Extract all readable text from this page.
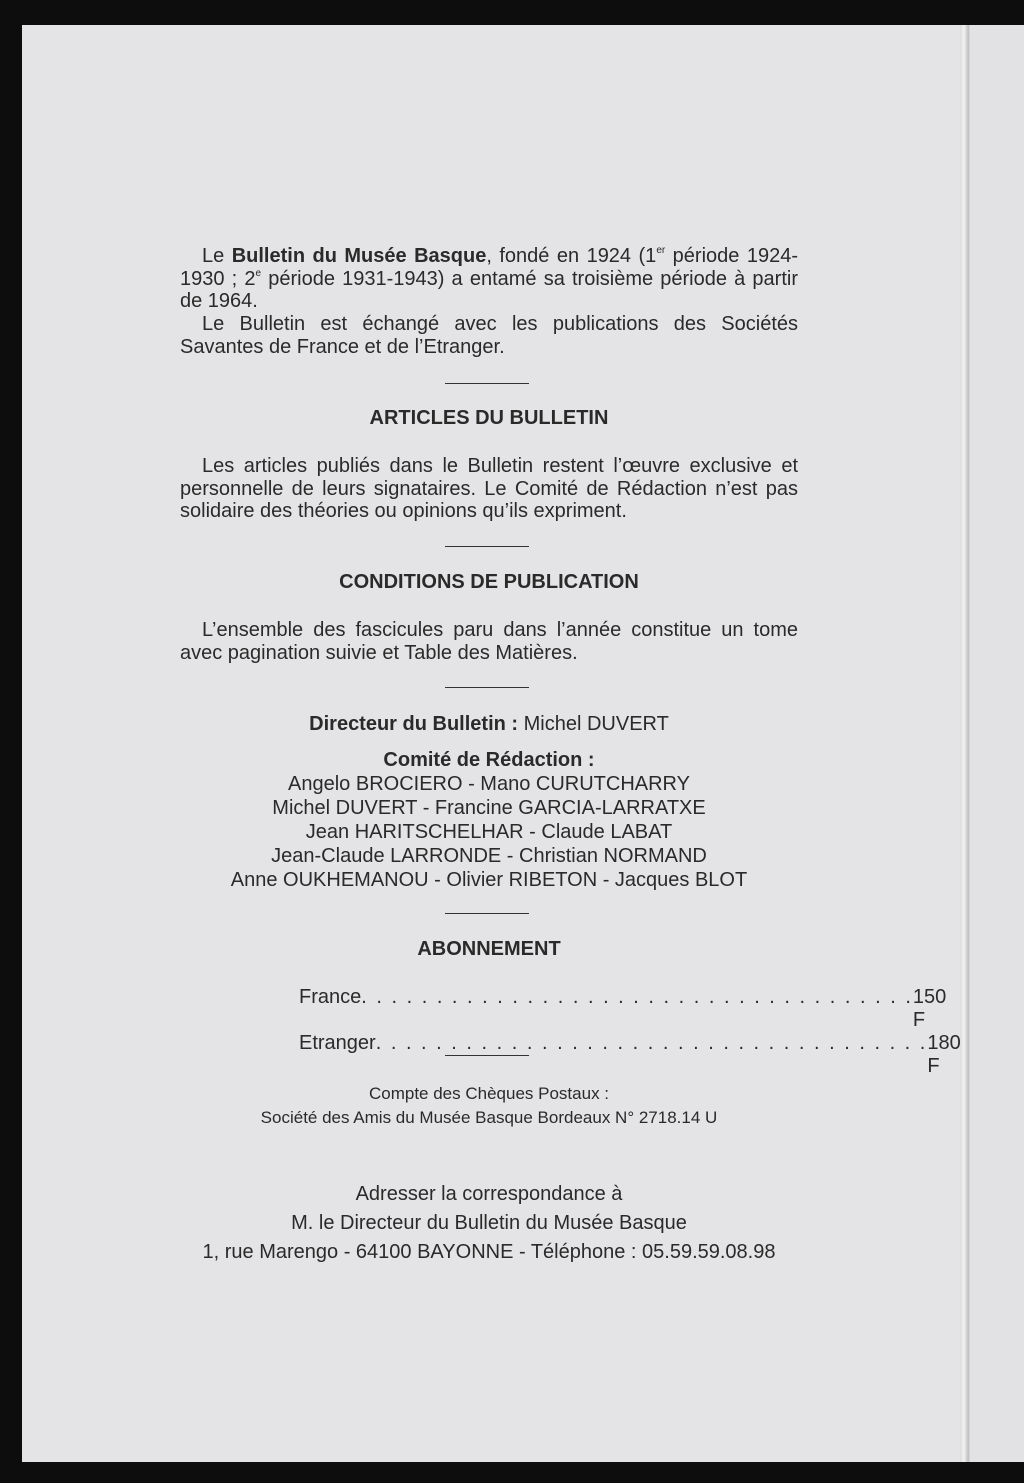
Le Bulletin du Musée Basque, fondé en 1924 (1er période 1924-1930 ; 2e période 1931-1943) a entamé sa troisième période à partir de 1964.
Le Bulletin est échangé avec les publications des Sociétés Savantes de France et de l’Etranger.
ARTICLES DU BULLETIN
Les articles publiés dans le Bulletin restent l’œuvre exclusive et personnelle de leurs signataires. Le Comité de Rédaction n’est pas solidaire des théories ou opinions qu’ils expriment.
CONDITIONS DE PUBLICATION
L’ensemble des fascicules paru dans l’année constitue un tome avec pagination suivie et Table des Matières.
Directeur du Bulletin : Michel DUVERT
Comité de Rédaction :
Angelo BROCIERO - Mano CURUTCHARRY
Michel DUVERT - Francine GARCIA-LARRATXE
Jean HARITSCHELHAR - Claude LABAT
Jean-Claude LARRONDE - Christian NORMAND
Anne OUKHEMANOU - Olivier RIBETON - Jacques BLOT
ABONNEMENT
France . . . . . . . . . . . . . . . . . . . . . . . . . . . . . . . . . . . . . 150 F
Etranger . . . . . . . . . . . . . . . . . . . . . . . . . . . . . . . . . . . . . 180 F
Compte des Chèques Postaux :
Société des Amis du Musée Basque Bordeaux N° 2718.14 U
Adresser la correspondance à
M. le Directeur du Bulletin du Musée Basque
1, rue Marengo - 64100 BAYONNE - Téléphone : 05.59.59.08.98
